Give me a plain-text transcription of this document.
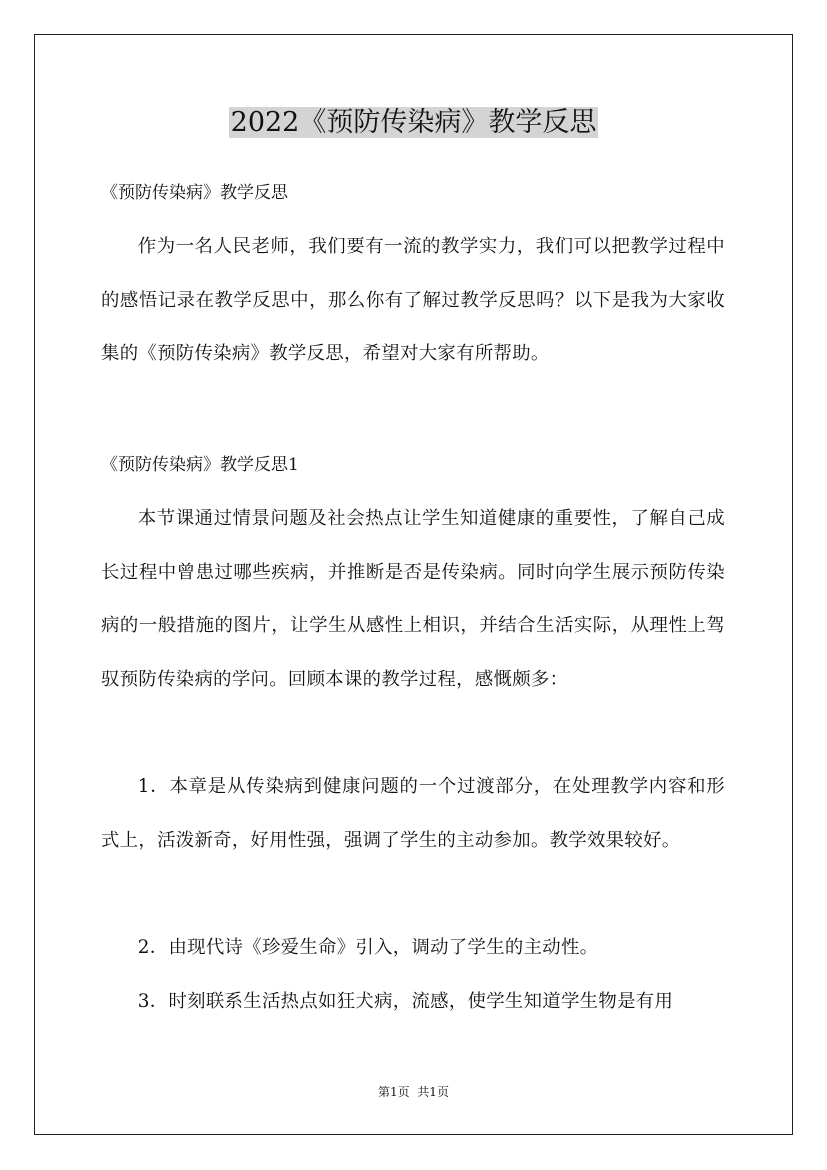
2022《预防传染病》教学反思

《预防传染病》教学反思

作为一名人民老师，我们要有一流的教学实力，我们可以把教学过程中的感悟记录在教学反思中，那么你有了解过教学反思吗？以下是我为大家收集的《预防传染病》教学反思，希望对大家有所帮助。

《预防传染病》教学反思1

本节课通过情景问题及社会热点让学生知道健康的重要性，了解自己成长过程中曾患过哪些疾病，并推断是否是传染病。同时向学生展示预防传染病的一般措施的图片，让学生从感性上相识，并结合生活实际，从理性上驾驭预防传染病的学问。回顾本课的教学过程，感慨颇多：

1．本章是从传染病到健康问题的一个过渡部分，在处理教学内容和形式上，活泼新奇，好用性强，强调了学生的主动参加。教学效果较好。

2．由现代诗《珍爱生命》引入，调动了学生的主动性。

3．时刻联系生活热点如狂犬病，流感，使学生知道学生物是有用

第1页  共1页
